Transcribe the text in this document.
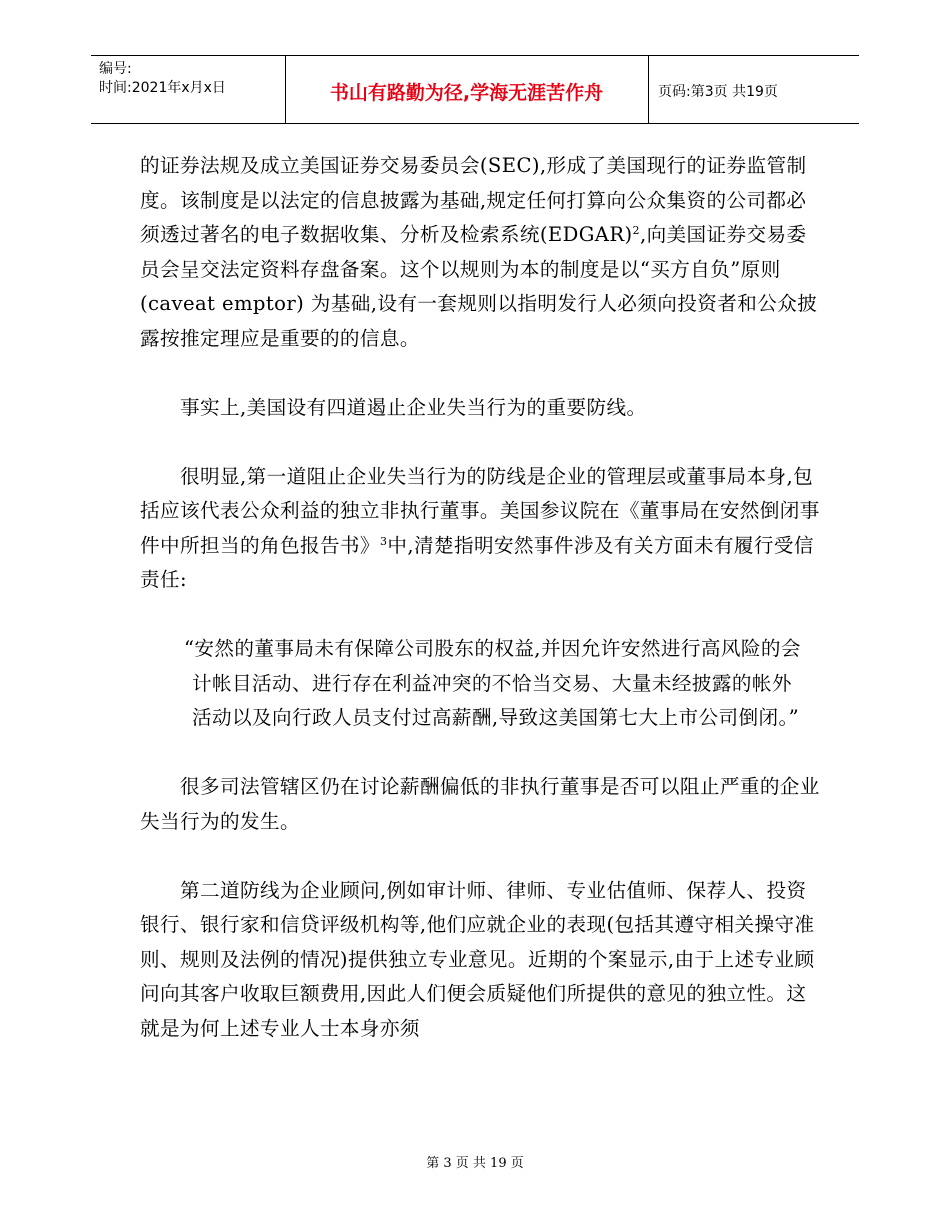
编号:
时间:2021年x月x日	书山有路勤为径,学海无涯苦作舟	页码:第3页 共19页

的证券法规及成立美国证券交易委员会(SEC),形成了美国现行的证券监管制度。该制度是以法定的信息披露为基础,规定任何打算向公众集资的公司都必须透过著名的电子数据收集、分析及检索系统(EDGAR)$^2$,向美国证券交易委员会呈交法定资料存盘备案。这个以规则为本的制度是以“买方自负”原则(caveat emptor) 为基础,设有一套规则以指明发行人必须向投资者和公众披露按推定理应是重要的的信息。

事实上,美国设有四道遏止企业失当行为的重要防线。

很明显,第一道阻止企业失当行为的防线是企业的管理层或董事局本身,包括应该代表公众利益的独立非执行董事。美国参议院在《董事局在安然倒闭事件中所担当的角色报告书》$^3$中,清楚指明安然事件涉及有关方面未有履行受信责任:

“安然的董事局未有保障公司股东的权益,并因允许安然进行高风险的会计帐目活动、进行存在利益冲突的不恰当交易、大量未经披露的帐外活动以及向行政人员支付过高薪酬,导致这美国第七大上市公司倒闭。”

很多司法管辖区仍在讨论薪酬偏低的非执行董事是否可以阻止严重的企业失当行为的发生。

第二道防线为企业顾问,例如审计师、律师、专业估值师、保荐人、投资银行、银行家和信贷评级机构等,他们应就企业的表现(包括其遵守相关操守准则、规则及法例的情况)提供独立专业意见。近期的个案显示,由于上述专业顾问向其客户收取巨额费用,因此人们便会质疑他们所提供的意见的独立性。这就是为何上述专业人士本身亦须

第 3 页 共 19 页
